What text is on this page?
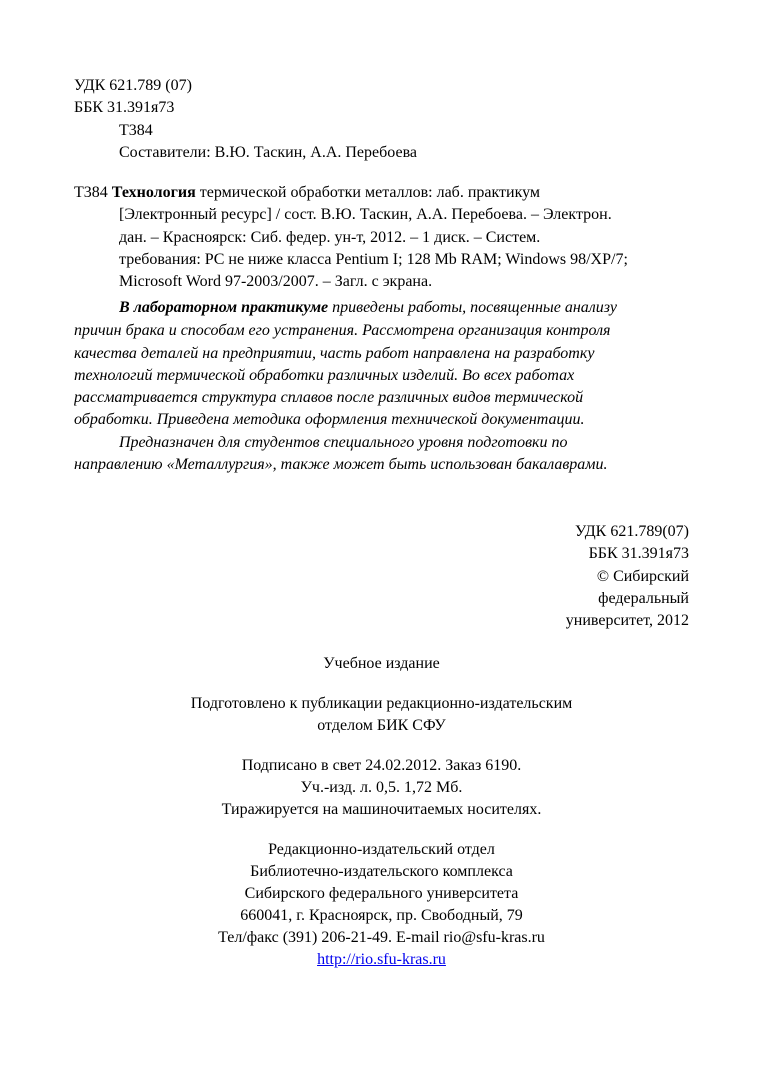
УДК 621.789 (07)
ББК 31.391я73
Т384
Составители: В.Ю. Таскин, А.А. Перебоева
Т384 Технология термической обработки металлов: лаб. практикум
[Электронный ресурс] / сост. В.Ю. Таскин, А.А. Перебоева. – Электрон.
дан. – Красноярск: Сиб. федер. ун-т, 2012. – 1 диск. – Систем.
требования: PC не ниже класса Pentium I; 128 Mb RAM; Windows 98/XP/7;
Microsoft Word 97-2003/2007. – Загл. с экрана.
В лабораторном практикуме приведены работы, посвященные анализу
причин брака и способам его устранения. Рассмотрена организация контроля
качества деталей на предприятии, часть работ направлена на разработку
технологий термической обработки различных изделий. Во всех работах
рассматривается структура сплавов после различных видов термической
обработки. Приведена методика оформления технической документации.
Предназначен для студентов специального уровня подготовки по
направлению «Металлургия», также может быть использован бакалаврами.
УДК 621.789(07)
ББК 31.391я73
© Сибирский
федеральный
университет, 2012
Учебное издание
Подготовлено к публикации редакционно-издательским
отделом БИК СФУ
Подписано в свет 24.02.2012. Заказ 6190.
Уч.-изд. л. 0,5. 1,72 Мб.
Тиражируется на машиночитаемых носителях.
Редакционно-издательский отдел
Библиотечно-издательского комплекса
Сибирского федерального университета
660041, г. Красноярск, пр. Свободный, 79
Тел/факс (391) 206-21-49. E-mail rio@sfu-kras.ru
http://rio.sfu-kras.ru
